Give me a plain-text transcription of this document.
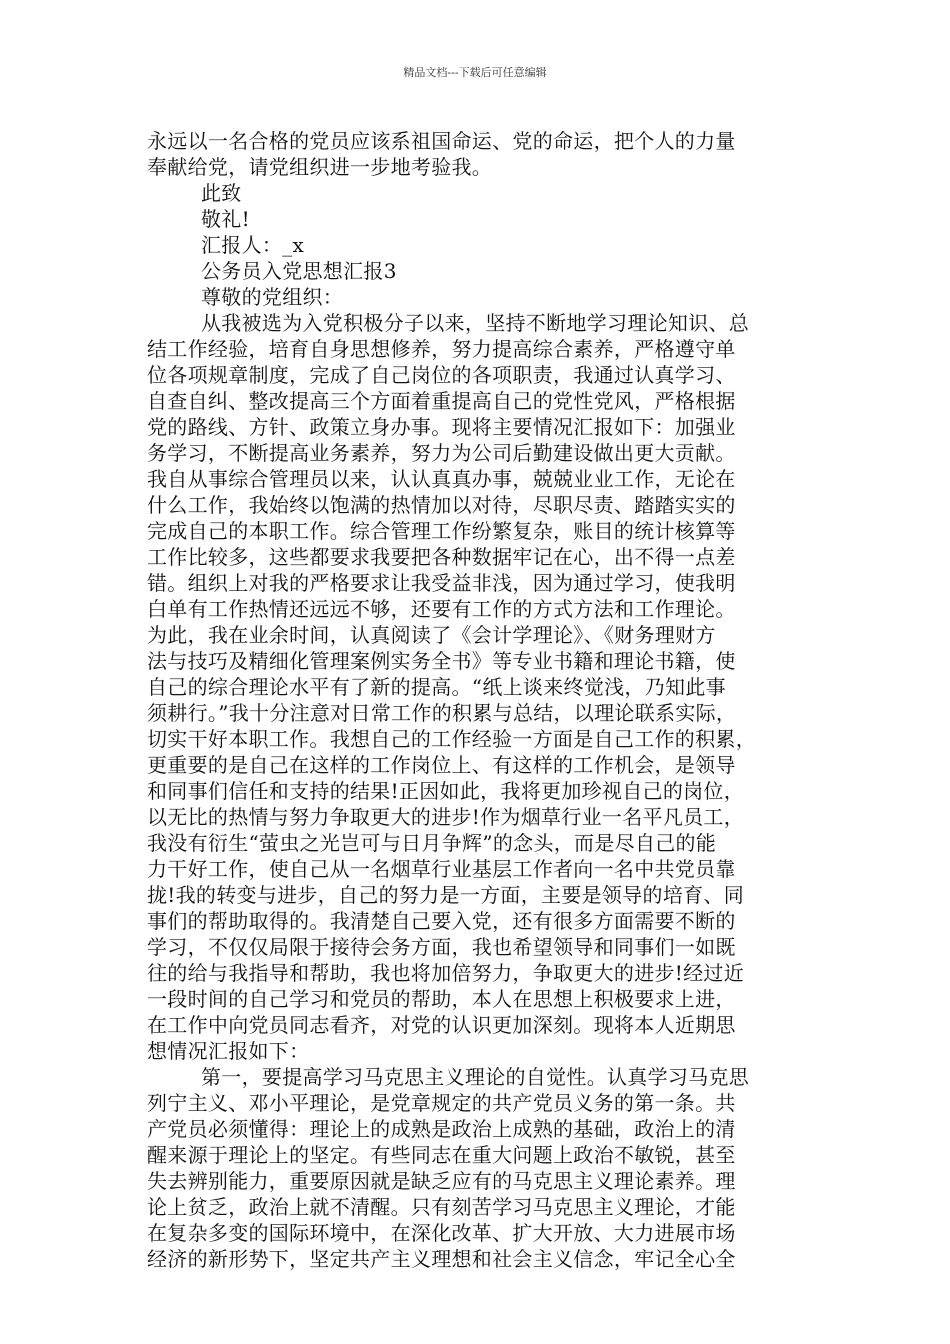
精品文档---下载后可任意编辑
永远以一名合格的党员应该系祖国命运、党的命运，把个人的力量
奉献给党，请党组织进一步地考验我。
此致
敬礼!
汇报人：_x
公务员入党思想汇报3
尊敬的党组织：
从我被选为入党积极分子以来，坚持不断地学习理论知识、总
结工作经验，培育自身思想修养，努力提高综合素养，严格遵守单
位各项规章制度，完成了自己岗位的各项职责，我通过认真学习、
自查自纠、整改提高三个方面着重提高自己的党性党风，严格根据
党的路线、方针、政策立身办事。现将主要情况汇报如下：加强业
务学习，不断提高业务素养，努力为公司后勤建设做出更大贡献。
我自从事综合管理员以来，认认真真办事，兢兢业业工作，无论在
什么工作，我始终以饱满的热情加以对待，尽职尽责、踏踏实实的
完成自己的本职工作。综合管理工作纷繁复杂，账目的统计核算等
工作比较多，这些都要求我要把各种数据牢记在心，出不得一点差
错。组织上对我的严格要求让我受益非浅，因为通过学习，使我明
白单有工作热情还远远不够，还要有工作的方式方法和工作理论。
为此，我在业余时间，认真阅读了《会计学理论》、《财务理财方
法与技巧及精细化管理案例实务全书》等专业书籍和理论书籍，使
自己的综合理论水平有了新的提高。“纸上谈来终觉浅，乃知此事
须耕行。”我十分注意对日常工作的积累与总结，以理论联系实际，
切实干好本职工作。我想自己的工作经验一方面是自己工作的积累，
更重要的是自己在这样的工作岗位上、有这样的工作机会，是领导
和同事们信任和支持的结果!正因如此，我将更加珍视自己的岗位，
以无比的热情与努力争取更大的进步!作为烟草行业一名平凡员工，
我没有衍生“萤虫之光岂可与日月争辉”的念头，而是尽自己的能
力干好工作，使自己从一名烟草行业基层工作者向一名中共党员靠
拢!我的转变与进步，自己的努力是一方面，主要是领导的培育、同
事们的帮助取得的。我清楚自己要入党，还有很多方面需要不断的
学习，不仅仅局限于接待会务方面，我也希望领导和同事们一如既
往的给与我指导和帮助，我也将加倍努力，争取更大的进步!经过近
一段时间的自己学习和党员的帮助，本人在思想上积极要求上进，
在工作中向党员同志看齐，对党的认识更加深刻。现将本人近期思
想情况汇报如下：
第一，要提高学习马克思主义理论的自觉性。认真学习马克思
列宁主义、邓小平理论，是党章规定的共产党员义务的第一条。共
产党员必须懂得：理论上的成熟是政治上成熟的基础，政治上的清
醒来源于理论上的坚定。有些同志在重大问题上政治不敏锐，甚至
失去辨别能力，重要原因就是缺乏应有的马克思主义理论素养。理
论上贫乏，政治上就不清醒。只有刻苦学习马克思主义理论，才能
在复杂多变的国际环境中，在深化改革、扩大开放、大力进展市场
经济的新形势下，坚定共产主义理想和社会主义信念，牢记全心全
